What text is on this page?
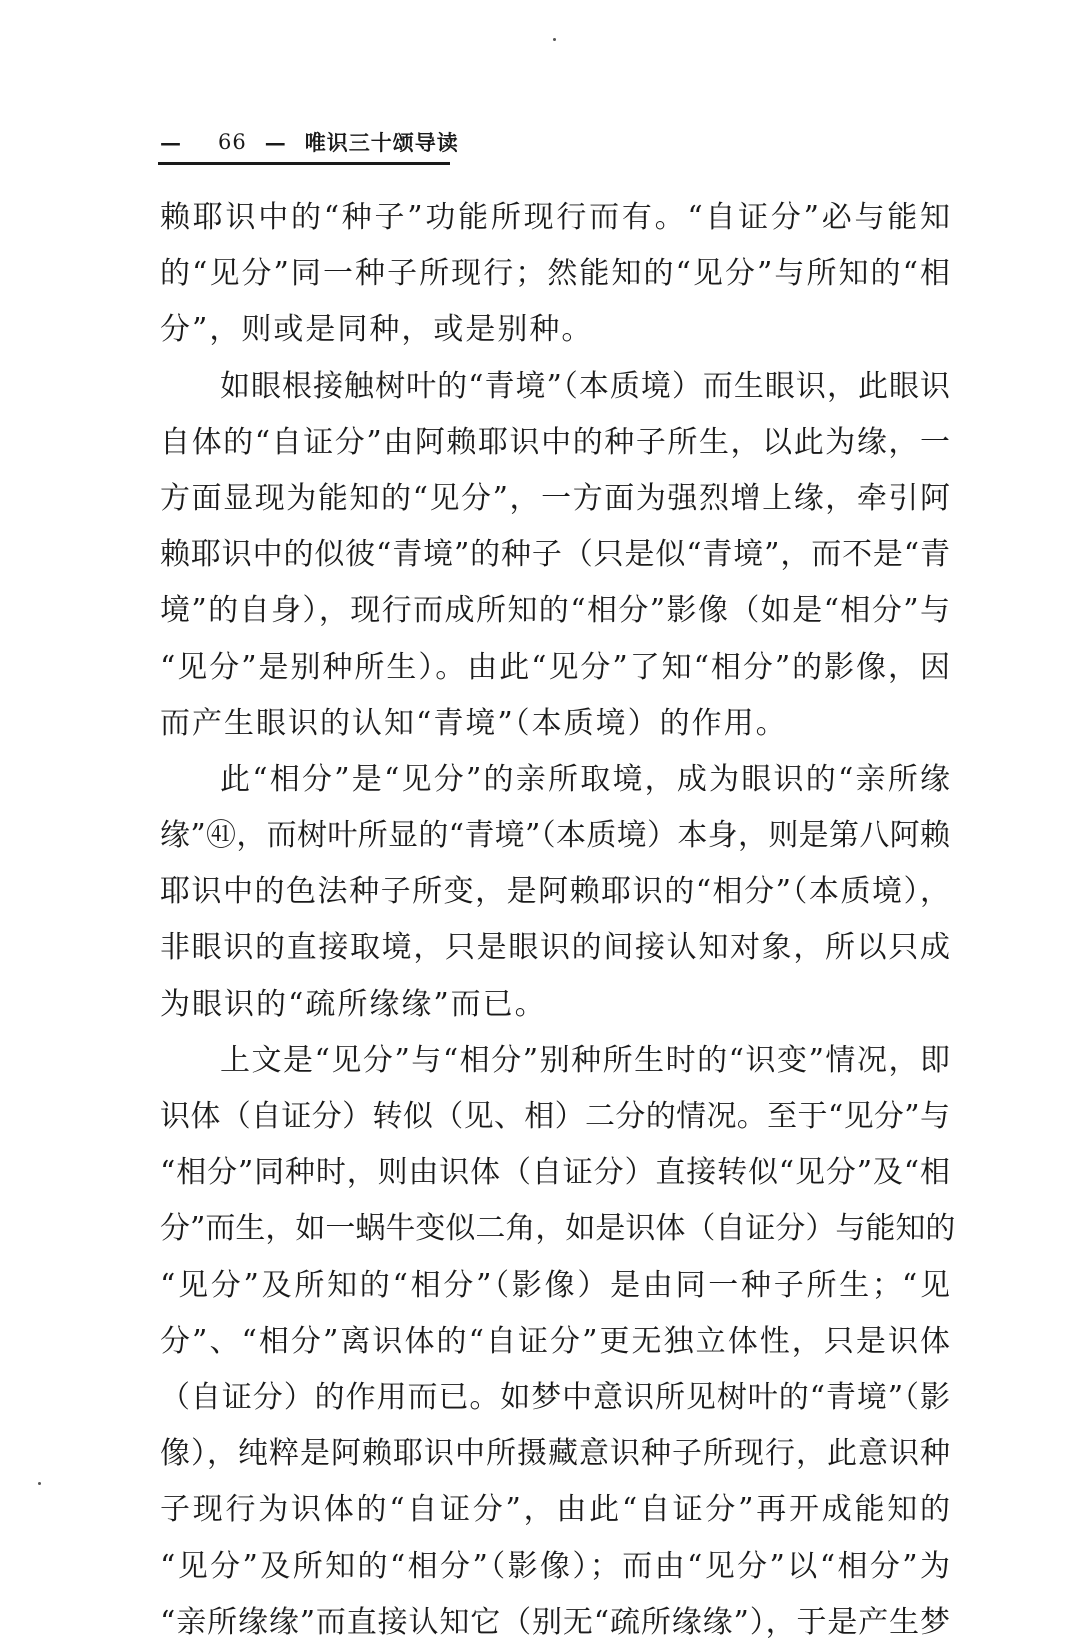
— 66 — 唯识三十颂导读
赖耶识中的“种子”功能所现行而有。“自证分”必与能知
的“见分”同一种子所现行；然能知的“见分”与所知的“相
分”，则或是同种，或是别种。
如眼根接触树叶的“青境”（本质境）而生眼识，此眼识
自体的“自证分”由阿赖耶识中的种子所生，以此为缘，一
方面显现为能知的“见分”，一方面为强烈增上缘，牵引阿
赖耶识中的似彼“青境”的种子（只是似“青境”，而不是“青
境”的自身），现行而成所知的“相分”影像（如是“相分”与
“见分”是别种所生）。由此“见分”了知“相分”的影像，因
而产生眼识的认知“青境”（本质境）的作用。
此“相分”是“见分”的亲所取境，成为眼识的“亲所缘
缘”㊶，而树叶所显的“青境”（本质境）本身，则是第八阿赖
耶识中的色法种子所变，是阿赖耶识的“相分”（本质境），
非眼识的直接取境，只是眼识的间接认知对象，所以只成
为眼识的“疏所缘缘”而已。
上文是“见分”与“相分”别种所生时的“识变”情况，即
识体（自证分）转似（见、相）二分的情况。至于“见分”与
“相分”同种时，则由识体（自证分）直接转似“见分”及“相
分”而生，如一蜗牛变似二角，如是识体（自证分）与能知的
“见分”及所知的“相分”（影像）是由同一种子所生；“见
分”、“相分”离识体的“自证分”更无独立体性，只是识体
（自证分）的作用而已。如梦中意识所见树叶的“青境”（影
像），纯粹是阿赖耶识中所摄藏意识种子所现行，此意识种
子现行为识体的“自证分”，由此“自证分”再开成能知的
“见分”及所知的“相分”（影像）；而由“见分”以“相分”为
“亲所缘缘”而直接认知它（别无“疏所缘缘”），于是产生梦
